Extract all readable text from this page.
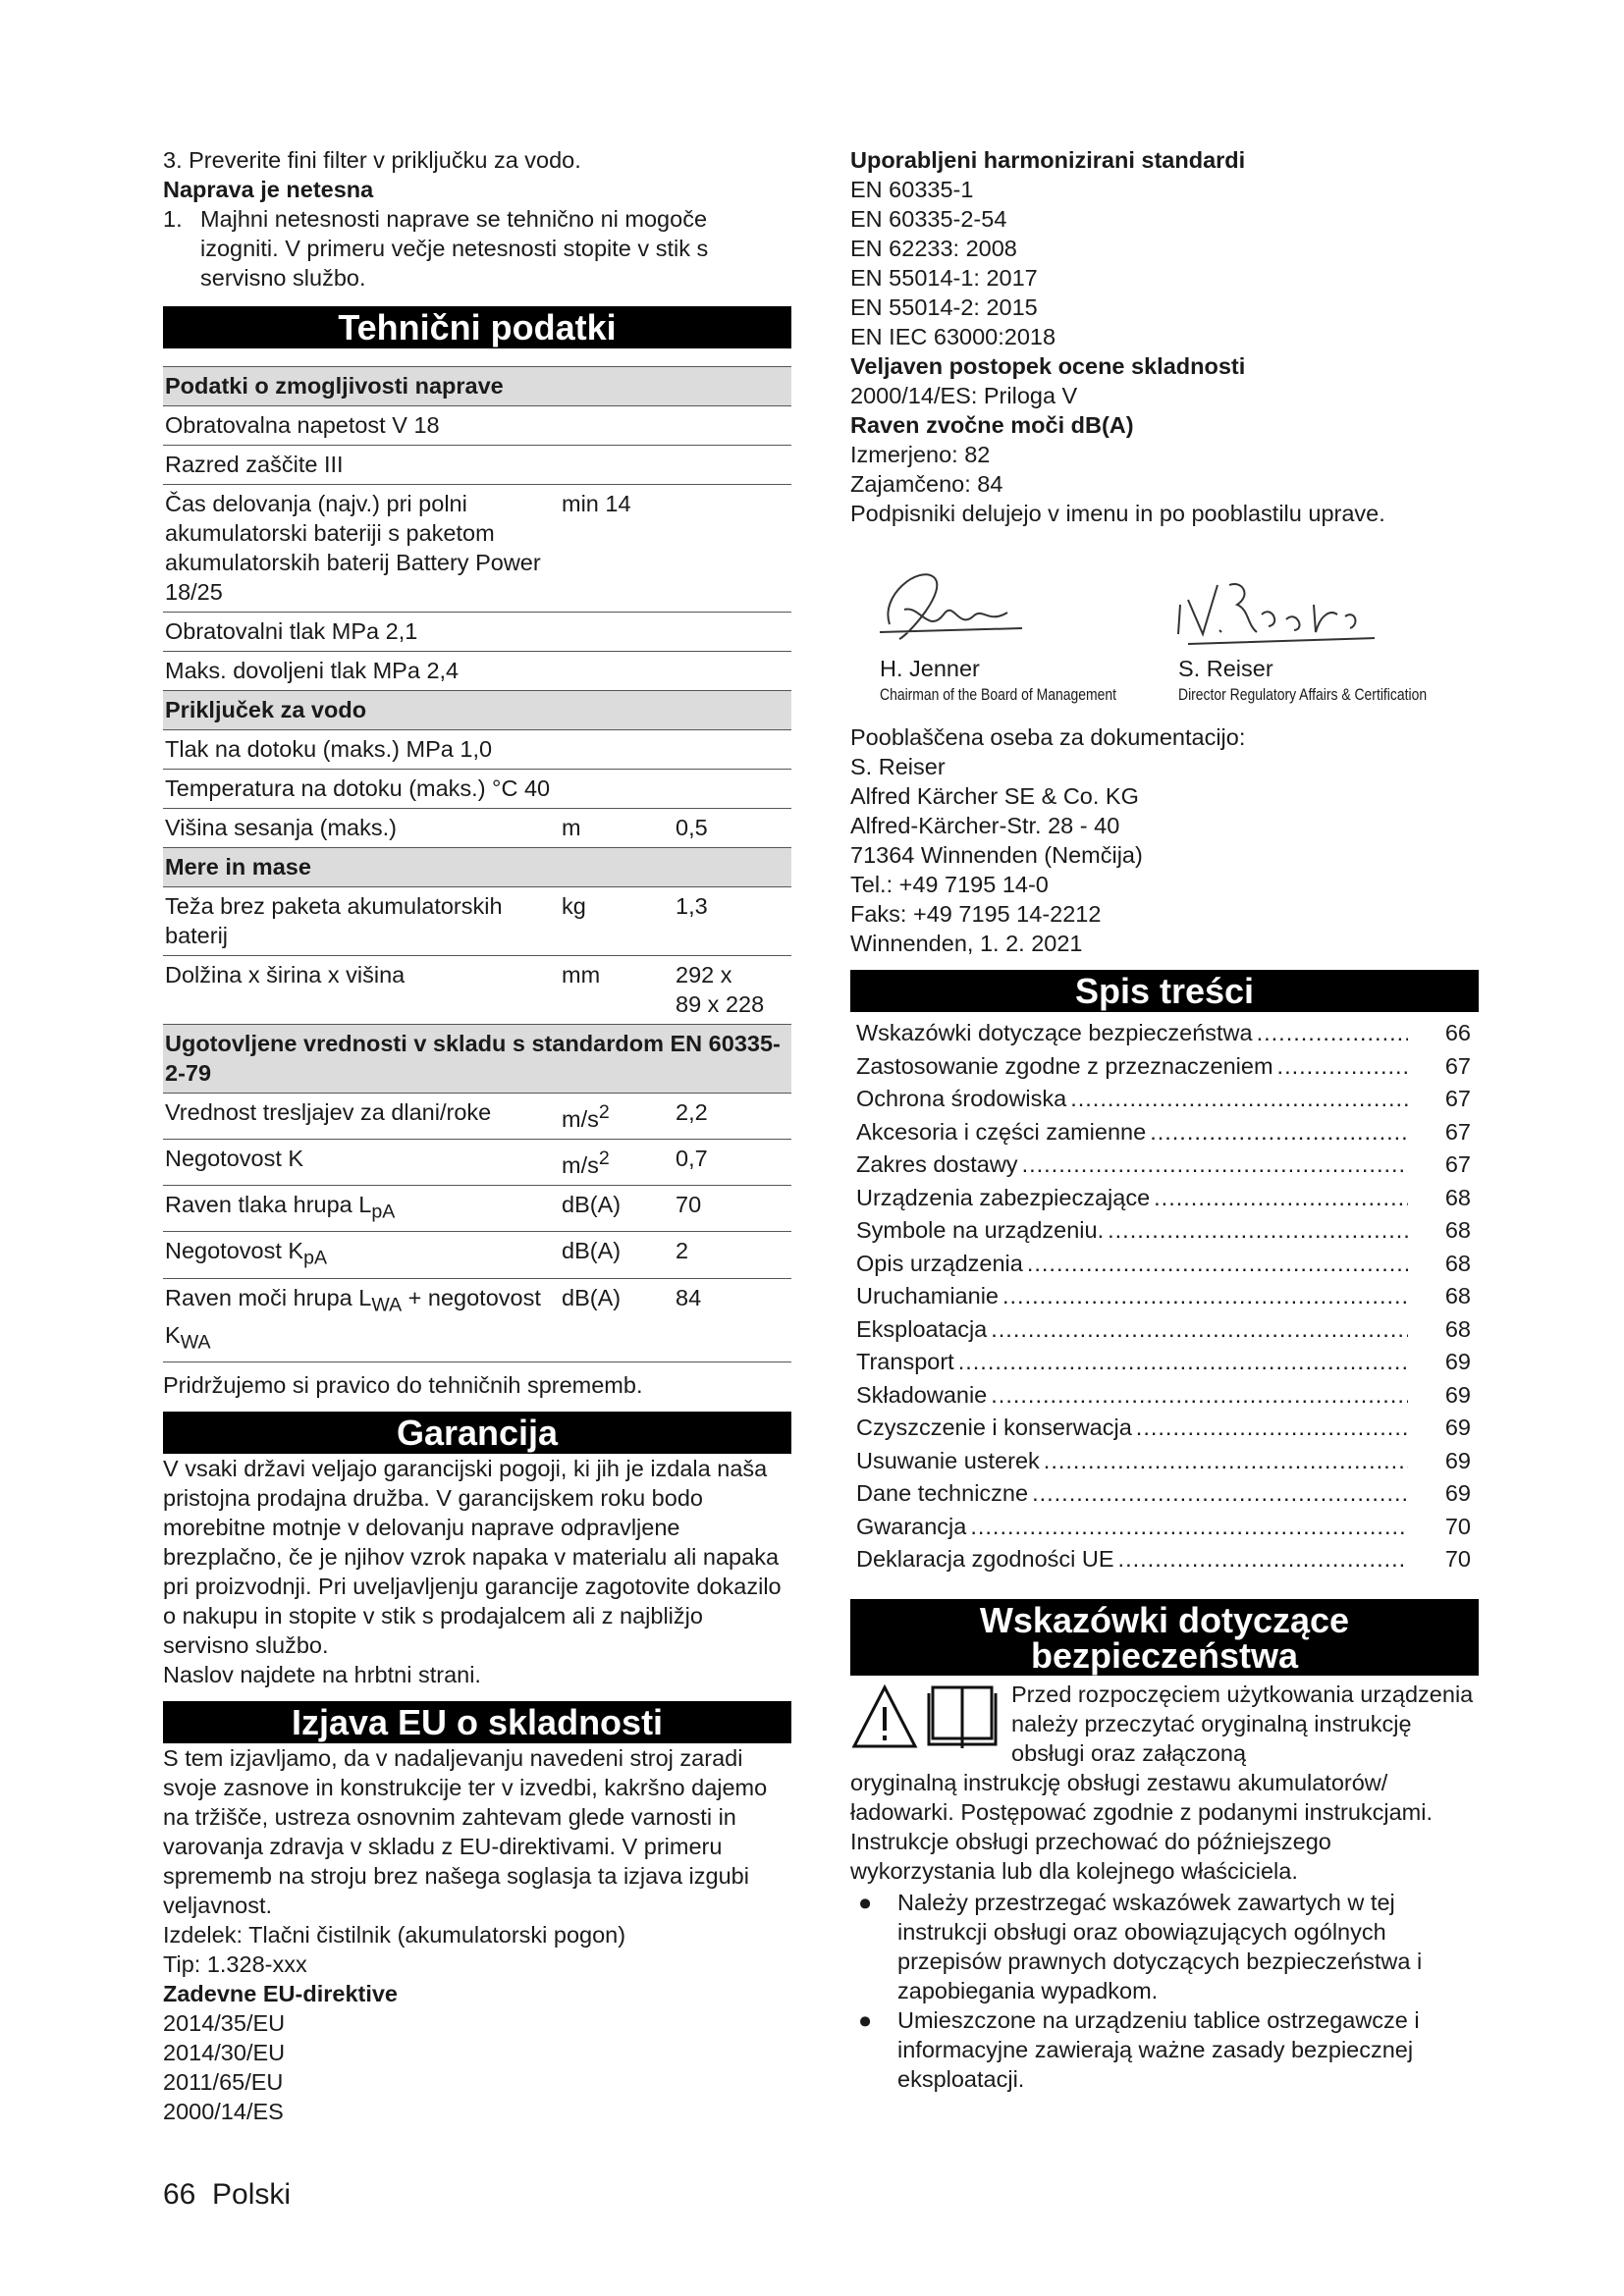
3. Preverite fini filter v priključku za vodo.

Naprava je netesna

1. Majhni netesnosti naprave se tehnično ni mogoče izogniti. V primeru večje netesnosti stopite v stik s servisno službo.
Tehnični podatki
Podatki o zmogljivosti naprave		
Obratovalna napetost V 18		
Razred zaščite III		
Čas delovanja (najv.) pri polni akumulatorski bateriji s paketom akumulatorskih baterij Battery Power 18/25	min 14	
Obratovalni tlak MPa 2,1		
Maks. dovoljeni tlak MPa 2,4		
Priključek za vodo		
Tlak na dotoku (maks.) MPa 1,0		
Temperatura na dotoku (maks.) °C 40		
Višina sesanja (maks.)	m	0,5
Mere in mase		
Teža brez paketa akumulatorskih baterij	kg	1,3
Dolžina x širina x višina	mm	292 x
89 x 228
Ugotovljene vrednosti v skladu s standardom EN 60335-2-79		
Vrednost tresljajev za dlani/roke	$m/s^2$	2,2
Negotovost K	$m/s^2$	0,7
Raven tlaka hrupa $L_{pA}$	dB(A)	70
Negotovost $K_{pA}$	dB(A)	2
Raven moči hrupa $L_{WA}$ + negotovost $K_{WA}$	dB(A)	84

Pridržujemo si pravico do tehničnih sprememb.

Garancija

V vsaki državi veljajo garancijski pogoji, ki jih je izdala naša pristojna prodajna družba. V garancijskem roku bodo morebitne motnje v delovanju naprave odpravljene brezplačno, če je njihov vzrok napaka v materialu ali napaka pri proizvodnji. Pri uveljavljenju garancije zagotovite dokazilo o nakupu in stopite v stik s prodajalcem ali z najbližjo servisno službo.

Naslov najdete na hrbtni strani.

Izjava EU o skladnosti

S tem izjavljamo, da v nadaljevanju navedeni stroj zaradi svoje zasnove in konstrukcije ter v izvedbi, kakršno dajemo na tržišče, ustreza osnovnim zahtevam glede varnosti in varovanja zdravja v skladu z EU-direktivami. V primeru sprememb na stroju brez našega soglasja ta izjava izgubi veljavnost.

Izdelek: Tlačni čistilnik (akumulatorski pogon)

Tip: 1.328-xxx

Zadevne EU-direktive

2014/35/EU

2014/30/EU

2011/65/EU

2000/14/ES

Uporabljeni harmonizirani standardi

EN 60335-1

EN 60335-2-54

EN 62233: 2008

EN 55014-1: 2017

EN 55014-2: 2015

EN IEC 63000:2018

Veljaven postopek ocene skladnosti

2000/14/ES: Priloga V

Raven zvočne moči dB(A)

Izmerjeno: 82

Zajamčeno: 84

Podpisniki delujejo v imenu in po pooblastilu uprave.

H. Jenner
Chairman of the Board of Management
S. Reiser
Director Regulatory Affairs & Certification

Pooblaščena oseba za dokumentacijo:

S. Reiser

Alfred Kärcher SE & Co. KG

Alfred-Kärcher-Str. 28 - 40

71364 Winnenden (Nemčija)

Tel.: +49 7195 14-0

Faks: +49 7195 14-2212

Winnenden, 1. 2. 2021

Spis treści
Wskazówki dotyczące bezpieczeństwa .....	66
Zastosowanie zgodne z przeznaczeniem .....	67
Ochrona środowiska .....	67
Akcesoria i części zamienne .....	67
Zakres dostawy .....	67
Urządzenia zabezpieczające .....	68
Symbole na urządzeniu. .....	68
Opis urządzenia .....	68
Uruchamianie .....	68
Eksploatacja .....	68
Transport .....	69
Składowanie .....	69
Czyszczenie i konserwacja .....	69
Usuwanie usterek .....	69
Dane techniczne .....	69
Gwarancja .....	70
Deklaracja zgodności UE .....	70
Wskazówki dotyczące
bezpieczeństwa

Przed rozpoczęciem użytkowania urządzenia należy przeczytać oryginalną instrukcję obsługi oraz załączoną

oryginalną instrukcję obsługi zestawu akumulatorów/ładowarki. Postępować zgodnie z podanymi instrukcjami. Instrukcje obsługi przechować do późniejszego wykorzystania lub dla kolejnego właściciela.

●	Należy przestrzegać wskazówek zawartych w tej instrukcji obsługi oraz obowiązujących ogólnych przepisów prawnych dotyczących bezpieczeństwa i zapobiegania wypadkom.
●	Umieszczone na urządzeniu tablice ostrzegawcze i informacyjne zawierają ważne zasady bezpiecznej eksploatacji.
66 Polski
